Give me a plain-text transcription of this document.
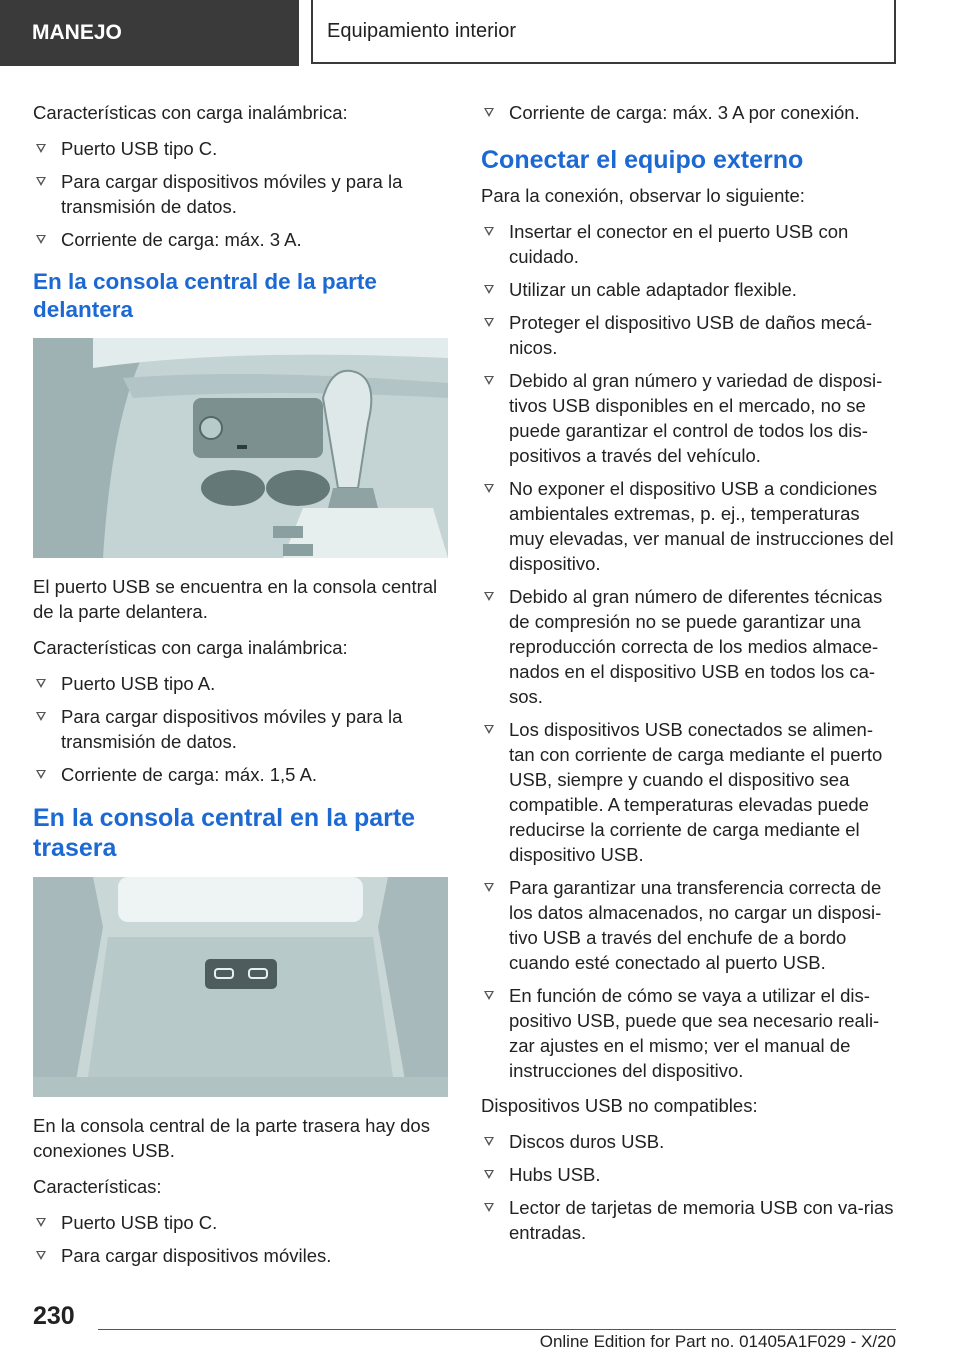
MANEJO	Equipamiento interior

Características con carga inalámbrica:

Puerto USB tipo C.
Para cargar dispositivos móviles y para la transmisión de datos.
Corriente de carga: máx. 3 A.
En la consola central de la parte delantera

El puerto USB se encuentra en la consola central de la parte delantera.

Características con carga inalámbrica:

Puerto USB tipo A.
Para cargar dispositivos móviles y para la transmisión de datos.
Corriente de carga: máx. 1,5 A.
En la consola central en la parte trasera

En la consola central de la parte trasera hay dos conexiones USB.

Características:

Puerto USB tipo C.
Para cargar dispositivos móviles.
Corriente de carga: máx. 3 A por conexión.
Conectar el equipo externo

Para la conexión, observar lo siguiente:

Insertar el conector en el puerto USB con cuidado.
Utilizar un cable adaptador flexible.
Proteger el dispositivo USB de daños mecá-nicos.
Debido al gran número y variedad de disposi-tivos USB disponibles en el mercado, no se puede garantizar el control de todos los dis-positivos a través del vehículo.
No exponer el dispositivo USB a condiciones ambientales extremas, p. ej., temperaturas muy elevadas, ver manual de instrucciones del dispositivo.
Debido al gran número de diferentes técnicas de compresión no se puede garantizar una reproducción correcta de los medios almace-nados en el dispositivo USB en todos los ca-sos.
Los dispositivos USB conectados se alimen-tan con corriente de carga mediante el puerto USB, siempre y cuando el dispositivo sea compatible. A temperaturas elevadas puede reducirse la corriente de carga mediante el dispositivo USB.
Para garantizar una transferencia correcta de los datos almacenados, no cargar un disposi-tivo USB a través del enchufe de a bordo cuando esté conectado al puerto USB.
En función de cómo se vaya a utilizar el dis-positivo USB, puede que sea necesario reali-zar ajustes en el mismo; ver el manual de instrucciones del dispositivo.

Dispositivos USB no compatibles:

Discos duros USB.
Hubs USB.
Lector de tarjetas de memoria USB con va-rias entradas.
230
Online Edition for Part no. 01405A1F029 - X/20
